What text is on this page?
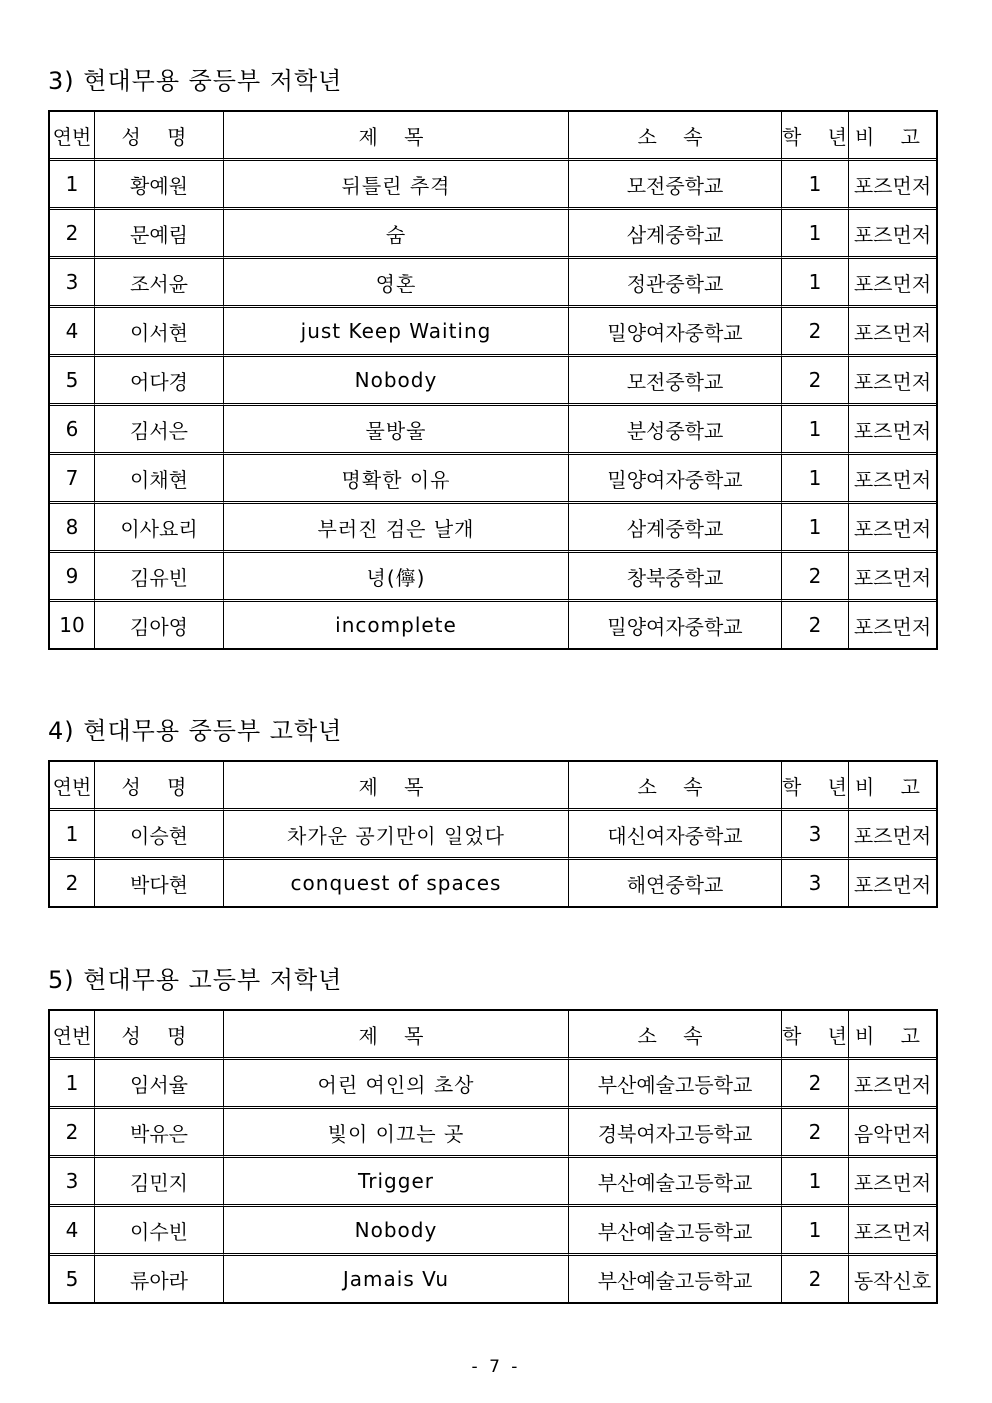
3) 현대무용 중등부 저학년
연번	성 명	제 목	소 속	학 년	비 고
1	황예원	뒤틀린 추격	모전중학교	1	포즈먼저
2	문예림	숨	삼계중학교	1	포즈먼저
3	조서윤	영혼	정관중학교	1	포즈먼저
4	이서현	just Keep Waiting	밀양여자중학교	2	포즈먼저
5	어다경	Nobody	모전중학교	2	포즈먼저
6	김서은	물방울	분성중학교	1	포즈먼저
7	이채현	명확한 이유	밀양여자중학교	1	포즈먼저
8	이사요리	부러진 검은 날개	삼계중학교	1	포즈먼저
9	김유빈	녕(儜)	창북중학교	2	포즈먼저
10	김아영	incomplete	밀양여자중학교	2	포즈먼저
4) 현대무용 중등부 고학년
연번	성 명	제 목	소 속	학 년	비 고
1	이승현	차가운 공기만이 일었다	대신여자중학교	3	포즈먼저
2	박다현	conquest of spaces	해연중학교	3	포즈먼저
5) 현대무용 고등부 저학년
연번	성 명	제 목	소 속	학 년	비 고
1	임서율	어린 여인의 초상	부산예술고등학교	2	포즈먼저
2	박유은	빛이 이끄는 곳	경북여자고등학교	2	음악먼저
3	김민지	Trigger	부산예술고등학교	1	포즈먼저
4	이수빈	Nobody	부산예술고등학교	1	포즈먼저
5	류아라	Jamais Vu	부산예술고등학교	2	동작신호
- 7 -
